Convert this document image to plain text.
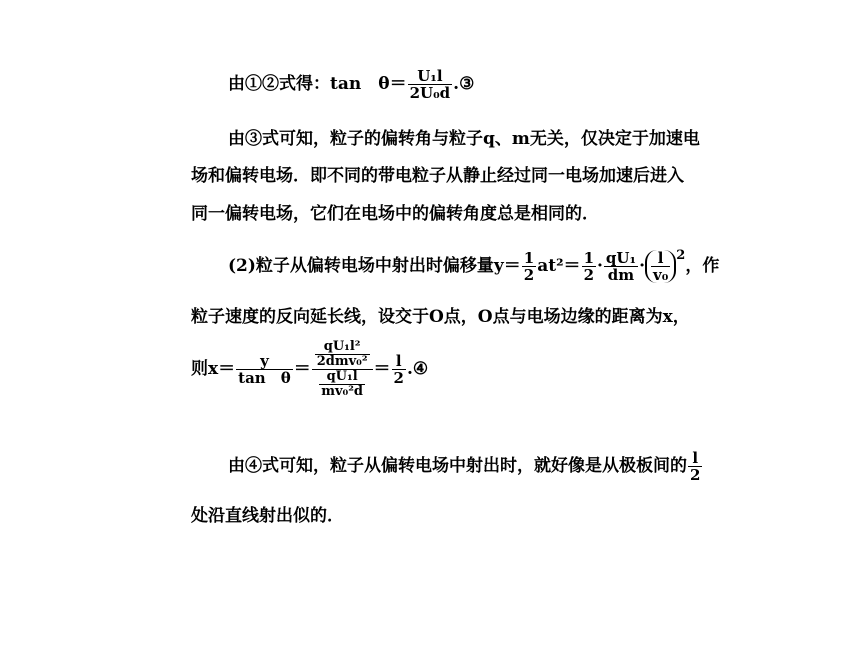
由①②式得：tan　$\theta= \frac{\text{U₁l}}{\text{2U₀d}}$ .③
由③式可知，粒子的偏转角与粒子q、m无关，仅决定于加速电
场和偏转电场．即不同的带电粒子从静止经过同一电场加速后进入
同一偏转电场，它们在电场中的偏转角度总是相同的．
(2)粒子从偏转电场中射出时偏移量$y= \frac{1}{2} at^2= \frac{1}{2} \cdot \frac{\text{qU₁}}{dm} \cdot \frac{l}{\text{v₀}} ^2$，作
粒子速度的反向延长线，设交于O点，O点与电场边缘的距离为x，
则$x= \frac{y}{\text{tan　θ}} = \frac{\frac{\text{qU₁l²}}{\text{2dmv₀²}}}{\frac{\text{qU₁l}}{\text{mv₀²d}}} = \frac{l}{2}$ .④
由④式可知，粒子从偏转电场中射出时，就好像是从极板间的 $\frac{l}{2}$
处沿直线射出似的．
